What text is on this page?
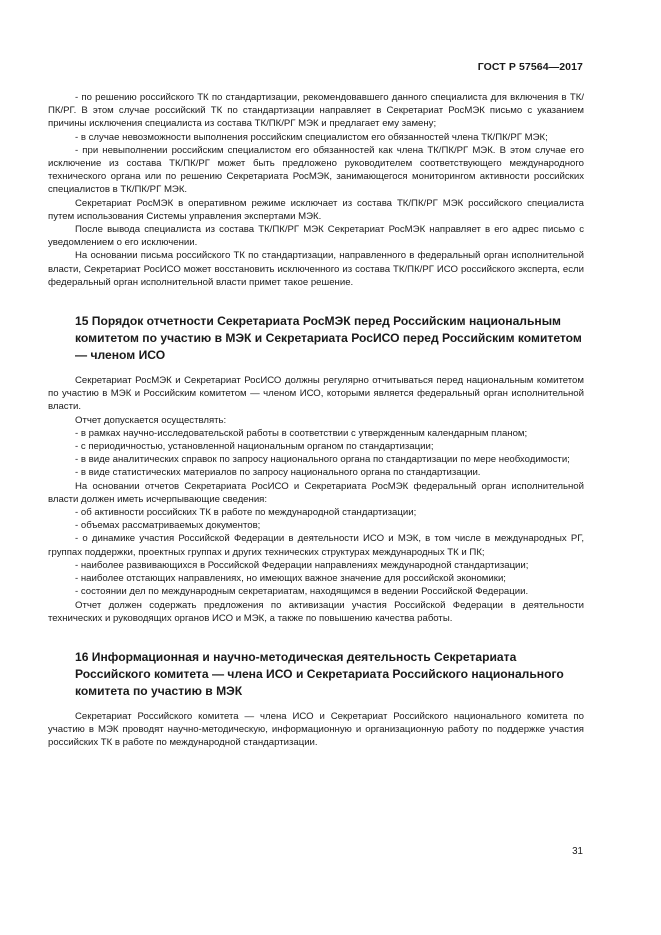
ГОСТ Р 57564—2017

- по решению российского ТК по стандартизации, рекомендовавшего данного специалиста для включения в ТК/ПК/РГ. В этом случае российский ТК по стандартизации направляет в Секретариат РосМЭК письмо с указанием причины исключения специалиста из состава ТК/ПК/РГ МЭК и предлагает ему замену;

- в случае невозможности выполнения российским специалистом его обязанностей члена ТК/ПК/РГ МЭК;

- при невыполнении российским специалистом его обязанностей как члена ТК/ПК/РГ МЭК. В этом случае его исключение из состава ТК/ПК/РГ может быть предложено руководителем соответствующего международного технического органа или по решению Секретариата РосМЭК, занимающегося мониторингом активности российских специалистов в ТК/ПК/РГ МЭК.

Секретариат РосМЭК в оперативном режиме исключает из состава ТК/ПК/РГ МЭК российского специалиста путем использования Системы управления экспертами МЭК.

После вывода специалиста из состава ТК/ПК/РГ МЭК Секретариат РосМЭК направляет в его адрес письмо с уведомлением о его исключении.

На основании письма российского ТК по стандартизации, направленного в федеральный орган исполнительной власти, Секретариат РосИСО может восстановить исключенного из состава ТК/ПК/РГ ИСО российского эксперта, если федеральный орган исполнительной власти примет такое решение.

15 Порядок отчетности Секретариата РосМЭК перед Российским национальным комитетом по участию в МЭК и Секретариата РосИСО перед Российским комитетом — членом ИСО

Секретариат РосМЭК и Секретариат РосИСО должны регулярно отчитываться перед национальным комитетом по участию в МЭК и Российским комитетом — членом ИСО, которыми является федеральный орган исполнительной власти.

Отчет допускается осуществлять:

- в рамках научно-исследовательской работы в соответствии с утвержденным календарным планом;

- с периодичностью, установленной национальным органом по стандартизации;

- в виде аналитических справок по запросу национального органа по стандартизации по мере необходимости;

- в виде статистических материалов по запросу национального органа по стандартизации.

На основании отчетов Секретариата РосИСО и Секретариата РосМЭК федеральный орган исполнительной власти должен иметь исчерпывающие сведения:

- об активности российских ТК в работе по международной стандартизации;

- объемах рассматриваемых документов;

- о динамике участия Российской Федерации в деятельности ИСО и МЭК, в том числе в международных РГ, группах поддержки, проектных группах и других технических структурах международных ТК и ПК;

- наиболее развивающихся в Российской Федерации направлениях международной стандартизации;

- наиболее отстающих направлениях, но имеющих важное значение для российской экономики;

- состоянии дел по международным секретариатам, находящимся в ведении Российской Федерации.

Отчет должен содержать предложения по активизации участия Российской Федерации в деятельности технических и руководящих органов ИСО и МЭК, а также по повышению качества работы.

16 Информационная и научно-методическая деятельность Секретариата Российского комитета — члена ИСО и Секретариата Российского национального комитета по участию в МЭК

Секретариат Российского комитета — члена ИСО и Секретариат Российского национального комитета по участию в МЭК проводят научно-методическую, информационную и организационную работу по поддержке участия российских ТК в работе по международной стандартизации.

31
